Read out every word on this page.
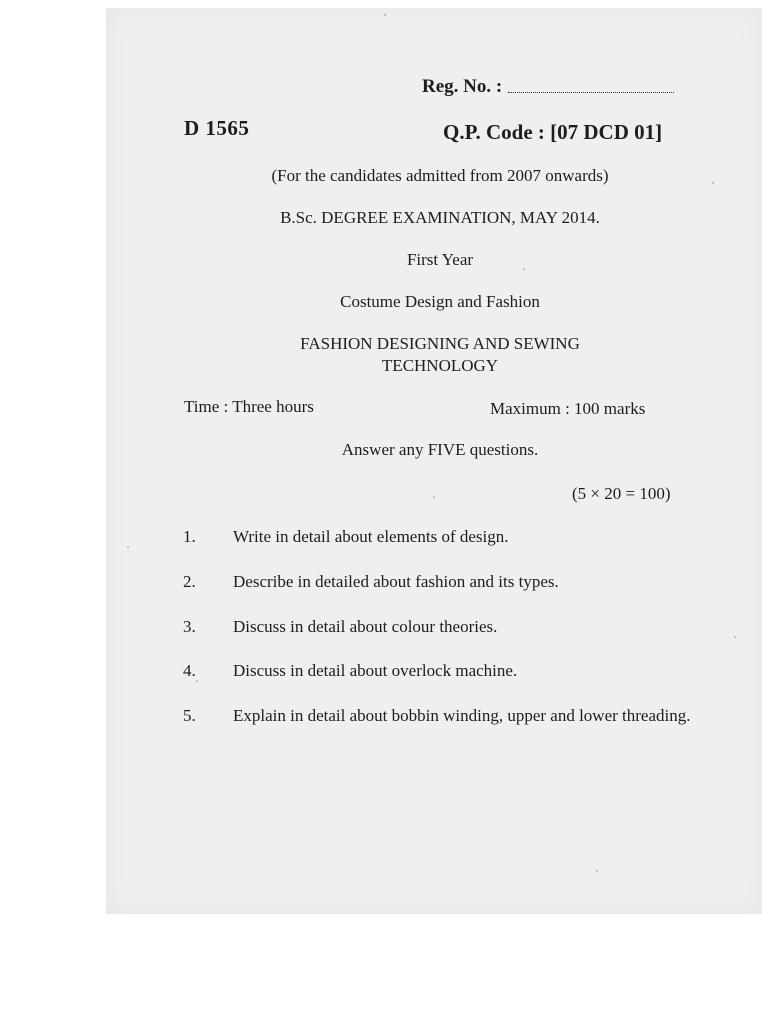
Reg. No. :
D 1565	Q.P. Code : [07 DCD 01]
(For the candidates admitted from 2007 onwards)
B.Sc. DEGREE EXAMINATION, MAY 2014.
First Year
Costume Design and Fashion
FASHION DESIGNING AND SEWING
TECHNOLOGY
Time : Three hours	Maximum : 100 marks
Answer any FIVE questions.
(5 × 20 = 100)
1. Write in detail about elements of design.
2. Describe in detailed about fashion and its types.
3. Discuss in detail about colour theories.
4. Discuss in detail about overlock machine.
5. Explain in detail about bobbin winding, upper and lower threading.
